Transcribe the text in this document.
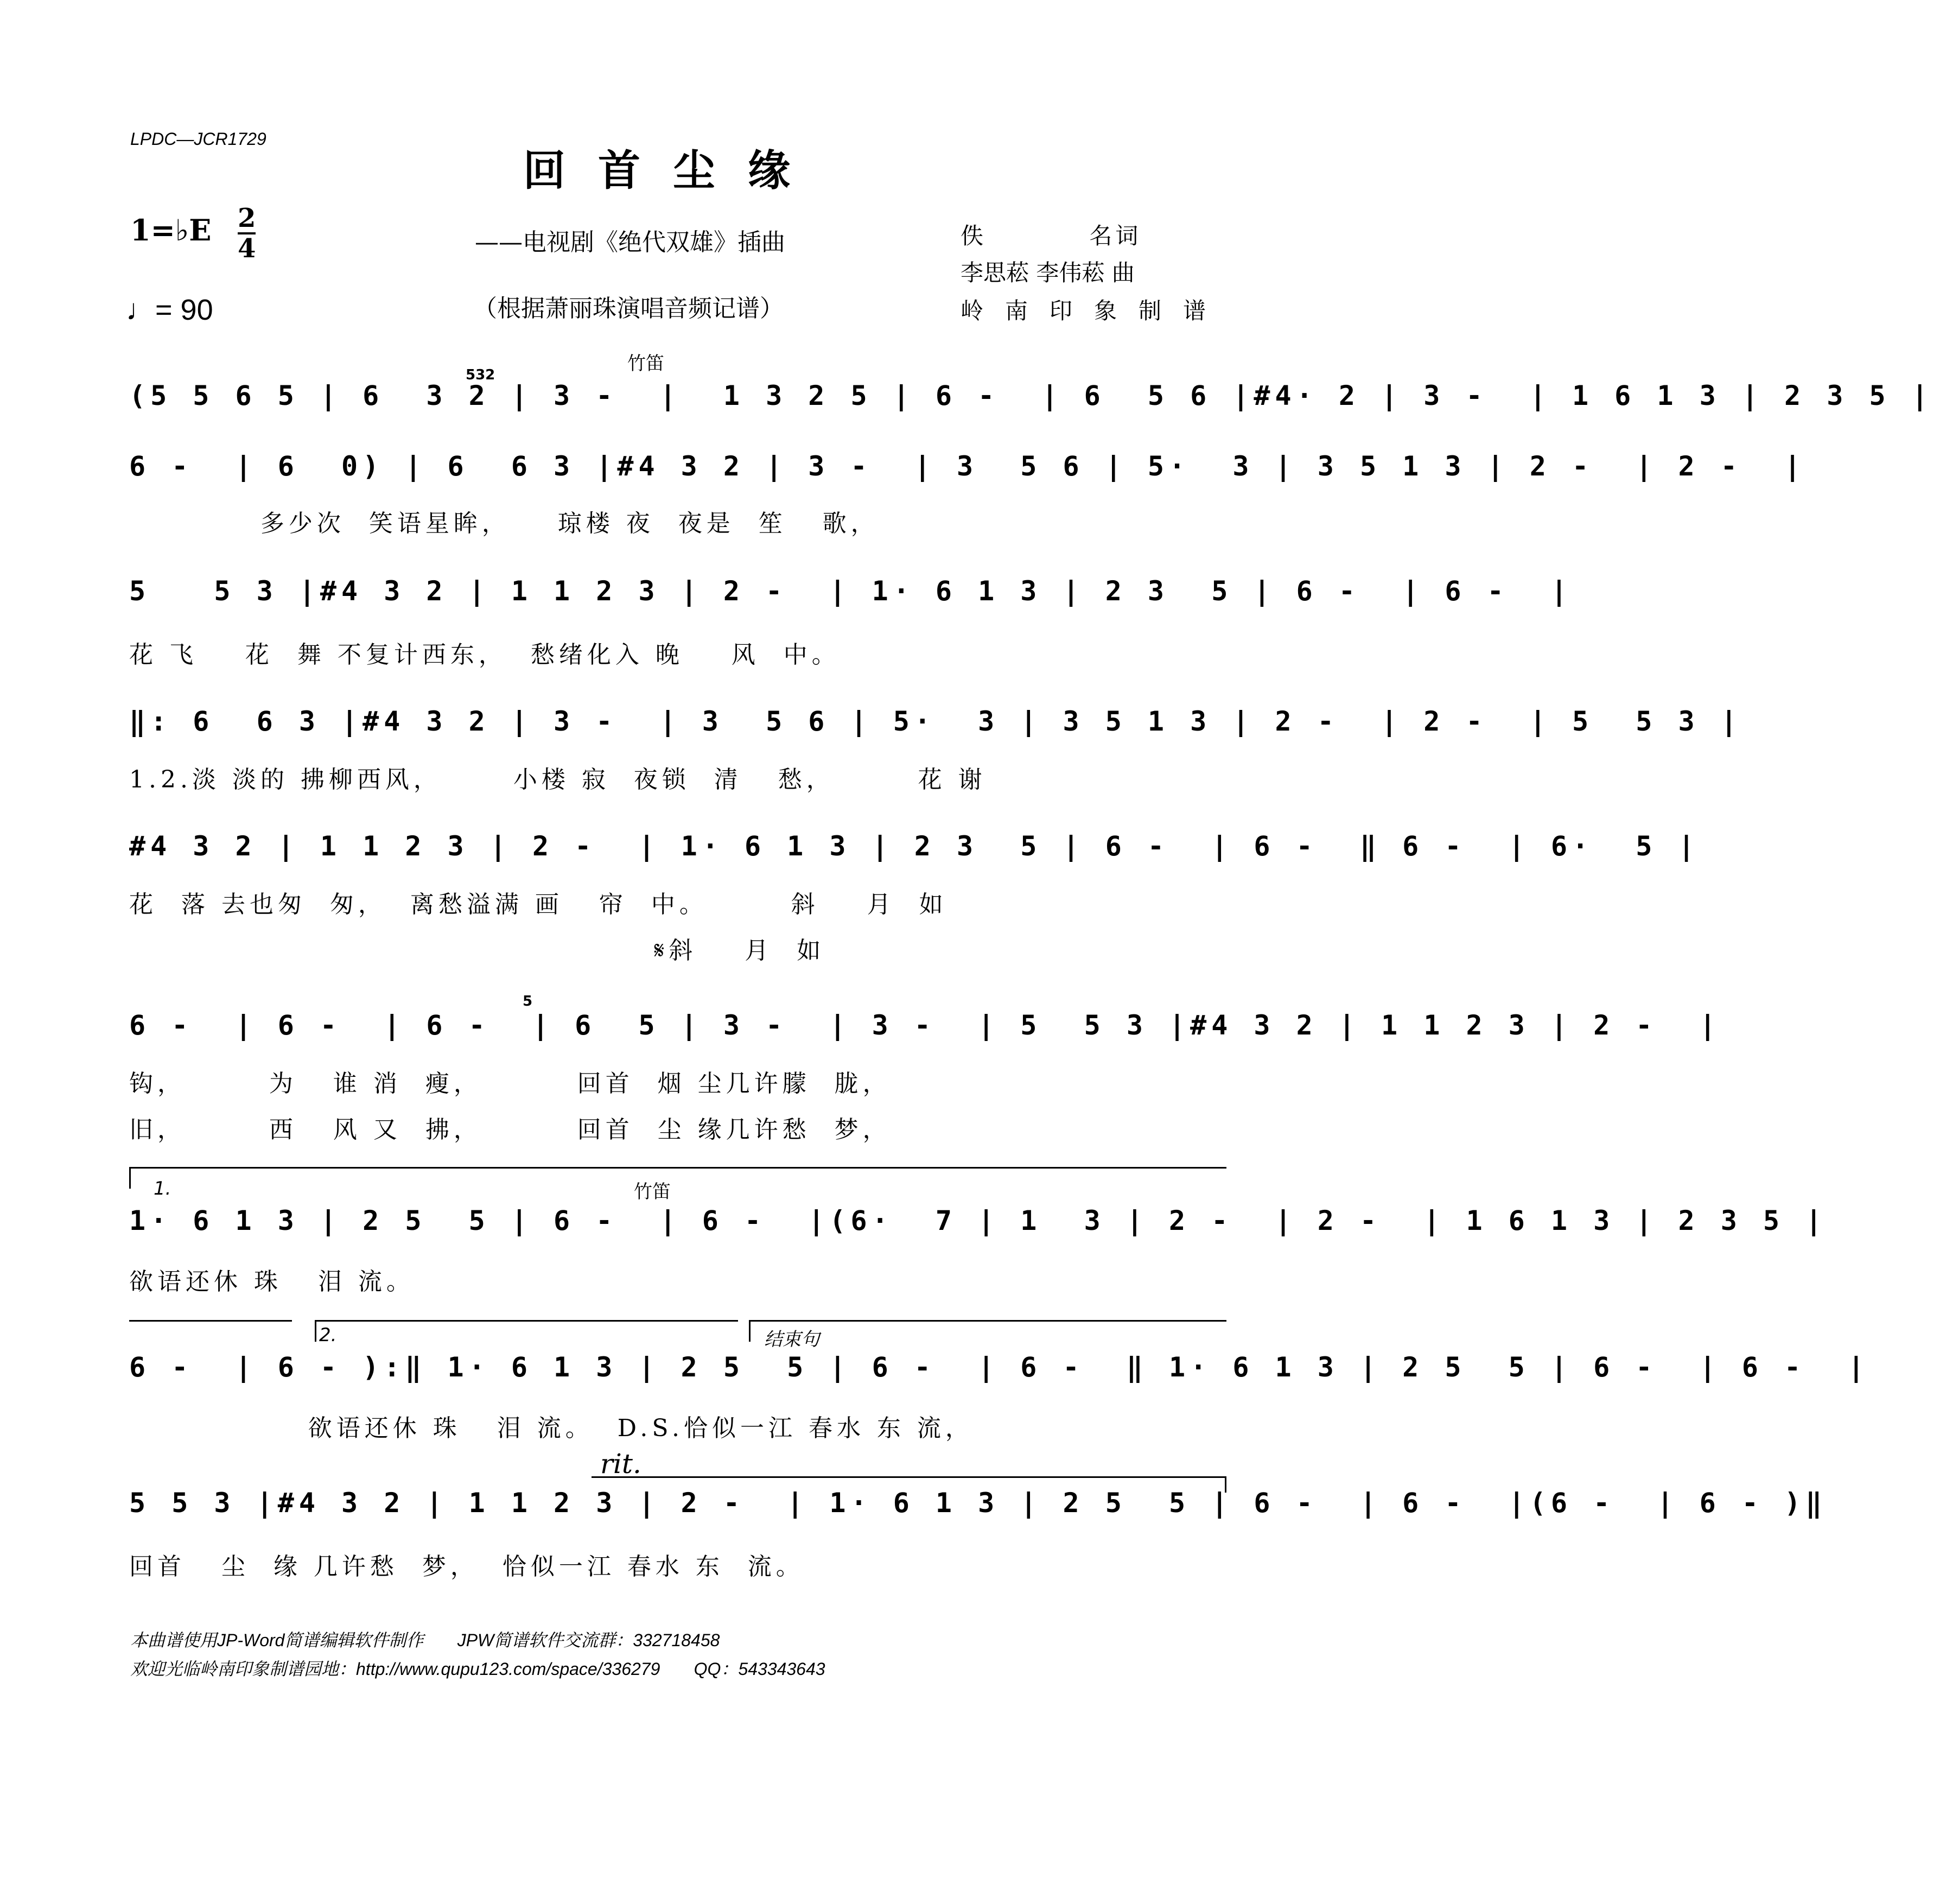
LPDC—JCR1729
回首尘缘
1=♭E 2
4
♩= 90
——电视剧《绝代双雄》插曲
（根据萧丽珠演唱音频记谱）
佚 名词
李思菘 李伟菘 曲
岭南印象制谱
竹笛
532
(5 5 6 5 | 6  3 2 | 3 -  |  1 3 2 5 | 6 -  | 6  5 6 |#4· 2 | 3 -  | 1 6 1 3 | 2 3 5 |
6 -  | 6  0) | 6  6 3 |#4 3 2 | 3 -  | 3  5 6 | 5·  3 | 3 5 1 3 | 2 -  | 2 -  |
多少次  笑语星眸，    琼楼 夜  夜是  笙   歌，
5   5 3 |#4 3 2 | 1 1 2 3 | 2 -  | 1· 6 1 3 | 2 3  5 | 6 -  | 6 -  |
花 飞    花  舞 不复计西东，  愁绪化入 晚    风  中。
‖: 6  6 3 |#4 3 2 | 3 -  | 3  5 6 | 5·  3 | 3 5 1 3 | 2 -  | 2 -  | 5  5 3 |
1.2.淡 淡的 拂柳西风，      小楼 寂  夜锁  清   愁，       花 谢
#4 3 2 | 1 1 2 3 | 2 -  | 1· 6 1 3 | 2 3  5 | 6 -  | 6 -  ‖ 6 -  | 6·  5 |
花  落 去也匆  匆，  离愁溢满 画   帘  中。       斜    月  如
𝄋斜    月  如
5
6 -  | 6 -  | 6 -  | 6  5 | 3 -  | 3 -  | 5  5 3 |#4 3 2 | 1 1 2 3 | 2 -  |
钩，       为   谁 消  瘦，        回首  烟 尘几许朦  胧，
旧，       西   风 又  拂，        回首  尘 缘几许愁  梦，
1.	竹笛
1· 6 1 3 | 2 5  5 | 6 -  | 6 -  |(6·  7 | 1  3 | 2 -  | 2 -  | 1 6 1 3 | 2 3 5 |
欲语还休 珠   泪 流。
2.	结束句
6 -  | 6 - ):‖ 1· 6 1 3 | 2 5  5 | 6 -  | 6 -  ‖ 1· 6 1 3 | 2 5  5 | 6 -  | 6 -  |
欲语还休 珠   泪 流。  D.S.恰似一江 春水 东 流，
rit.
5 5 3 |#4 3 2 | 1 1 2 3 | 2 -  | 1· 6 1 3 | 2 5  5 | 6 -  | 6 -  |(6 -  | 6 - )‖
回首   尘  缘 几许愁  梦，  恰似一江 春水 东  流。
本曲谱使用JP-Word简谱编辑软件制作       JPW简谱软件交流群：332718458
欢迎光临岭南印象制谱园地：http://www.qupu123.com/space/336279       QQ：543343643
